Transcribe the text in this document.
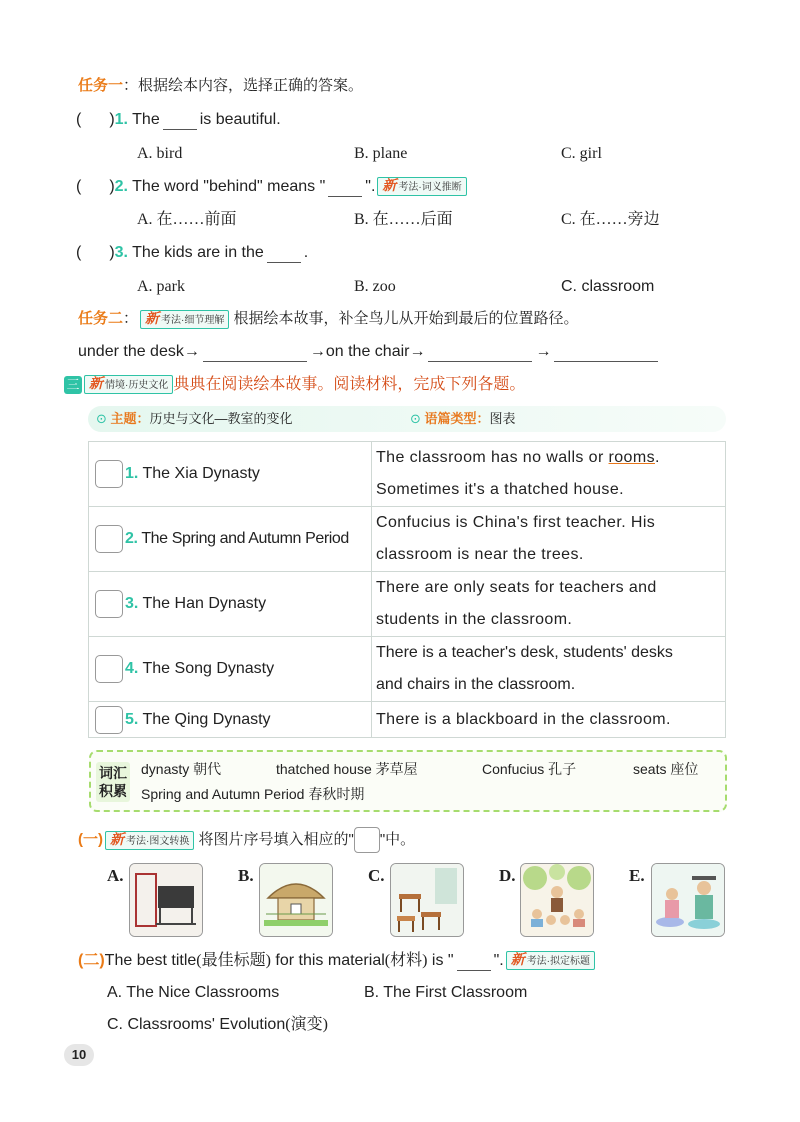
任务一：根据绘本内容，选择正确的答案。
( )1. The	is beautiful.
A. bird	B. plane	C. girl
( )2. The word "behind" means "	". 新 考法·词义推断
A. 在……前面	B. 在……后面	C. 在……旁边
( )3. The kids are in the	.
A. park	B. zoo	C. classroom
任务二： 新 考法·细节理解 根据绘本故事，补全鸟儿从开始到最后的位置路径。
under the desk→	→on the chair→	→
三 新 情境·历史文化 典典在阅读绘本故事。阅读材料，完成下列各题。
⊙ 主题：历史与文化—教室的变化	⊙ 语篇类型：图表
1. The Xia Dynasty	The classroom has no walls or rooms.
Sometimes it's a thatched house.
2. The Spring and Autumn Period	Confucius is China's first teacher. His
classroom is near the trees.
3. The Han Dynasty	There are only seats for teachers and
students in the classroom.
4. The Song Dynasty	There is a teacher's desk, students' desks
and chairs in the classroom.
5. The Qing Dynasty	There is a blackboard in the classroom.
词汇
积累
dynasty 朝代	thatched house 茅草屋	Confucius 孔子	seats 座位
Spring and Autumn Period 春秋时期
(一) 新 考法·图文转换 将图片序号填入相应的" "中。
A.	B.	C.	D.	E.
(二)The best title(最佳标题) for this material(材料) is "	". 新 考法·拟定标题
A. The Nice Classrooms	B. The First Classroom
C. Classrooms' Evolution(演变)
10
